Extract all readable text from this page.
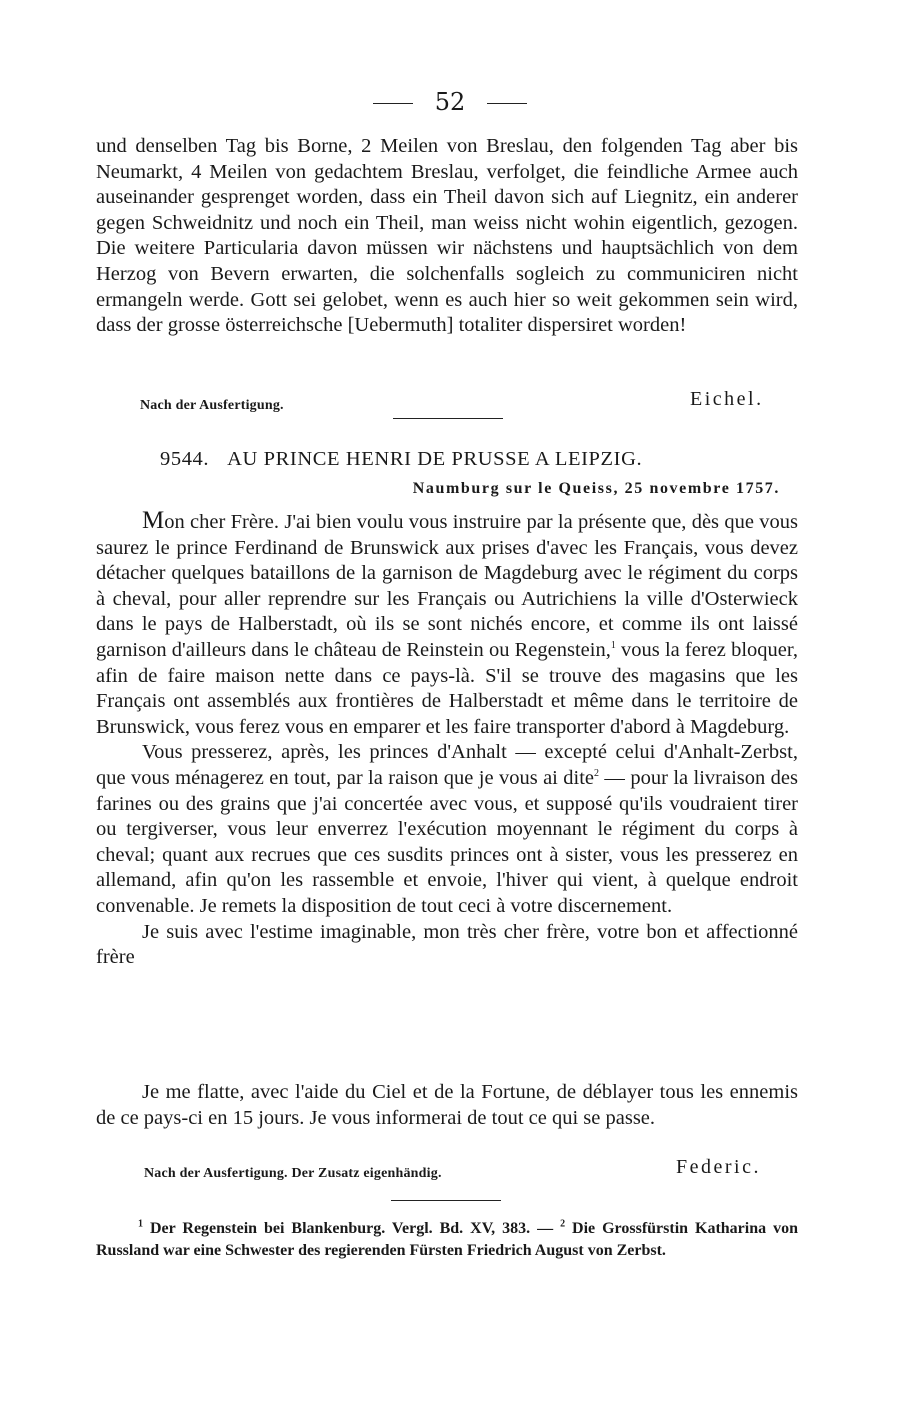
52

und denselben Tag bis Borne, 2 Meilen von Breslau, den folgenden Tag aber bis Neumarkt, 4 Meilen von gedachtem Breslau, verfolget, die feindliche Armee auch auseinander gesprenget worden, dass ein Theil davon sich auf Liegnitz, ein anderer gegen Schweidnitz und noch ein Theil, man weiss nicht wohin eigentlich, gezogen. Die weitere Particularia davon müssen wir nächstens und hauptsächlich von dem Herzog von Bevern erwarten, die solchenfalls sogleich zu communiciren nicht ermangeln werde. Gott sei gelobet, wenn es auch hier so weit gekommen sein wird, dass der grosse österreichsche [Uebermuth] totaliter dispersiret worden!

Nach der Ausfertigung.	Eichel.
9544. AU PRINCE HENRI DE PRUSSE A LEIPZIG.
Naumburg sur le Queiss, 25 novembre 1757.

Mon cher Frère. J'ai bien voulu vous instruire par la présente que, dès que vous saurez le prince Ferdinand de Brunswick aux prises d'avec les Français, vous devez détacher quelques bataillons de la garnison de Magdeburg avec le régiment du corps à cheval, pour aller reprendre sur les Français ou Autrichiens la ville d'Osterwieck dans le pays de Halberstadt, où ils se sont nichés encore, et comme ils ont laissé garnison d'ailleurs dans le château de Reinstein ou Regenstein,$^1$ vous la ferez bloquer, afin de faire maison nette dans ce pays-là. S'il se trouve des magasins que les Français ont assemblés aux frontières de Halberstadt et même dans le territoire de Brunswick, vous ferez vous en emparer et les faire transporter d'abord à Magdeburg.

Vous presserez, après, les princes d'Anhalt — excepté celui d'Anhalt-Zerbst, que vous ménagerez en tout, par la raison que je vous ai dite$^2$ — pour la livraison des farines ou des grains que j'ai concertée avec vous, et supposé qu'ils voudraient tirer ou tergiverser, vous leur enverrez l'exécution moyennant le régiment du corps à cheval; quant aux recrues que ces susdits princes ont à sister, vous les presserez en allemand, afin qu'on les rassemble et envoie, l'hiver qui vient, à quelque endroit convenable. Je remets la disposition de tout ceci à votre discernement.

Je suis avec l'estime imaginable, mon très cher frère, votre bon et affectionné frère

Je me flatte, avec l'aide du Ciel et de la Fortune, de déblayer tous les ennemis de ce pays-ci en 15 jours. Je vous informerai de tout ce qui se passe.

Nach der Ausfertigung. Der Zusatz eigenhändig.	Federic.
$^1$ Der Regenstein bei Blankenburg. Vergl. Bd. XV, 383. — $^2$ Die Grossfürstin Katharina von Russland war eine Schwester des regierenden Fürsten Friedrich August von Zerbst.
